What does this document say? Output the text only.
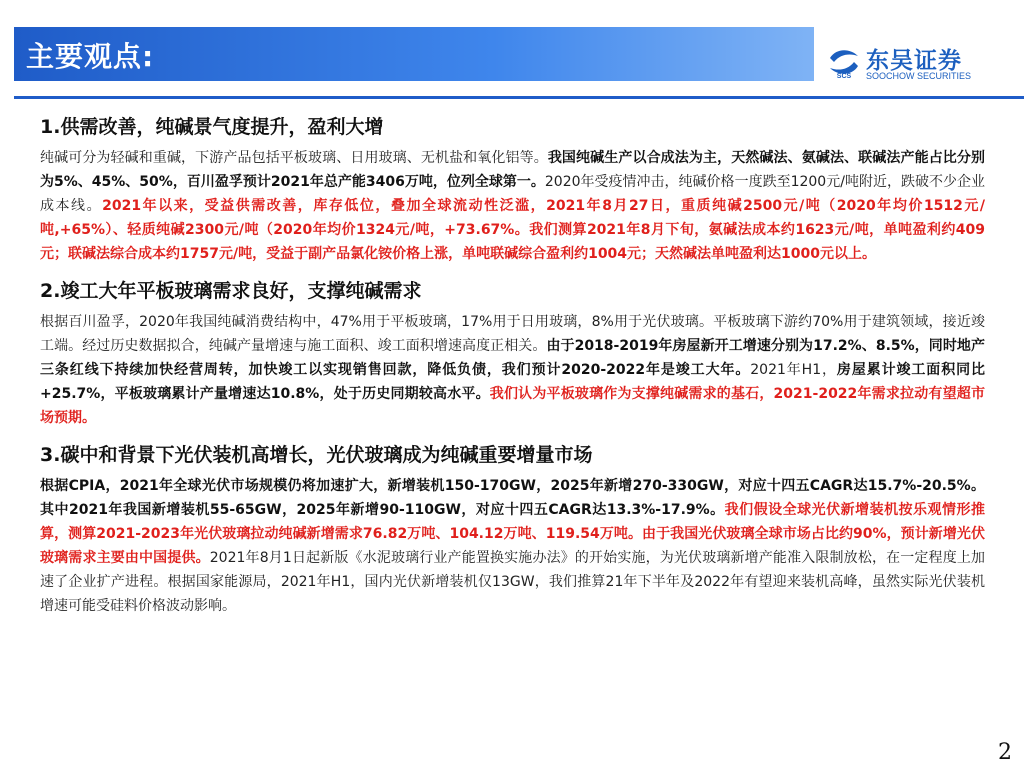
主要观点:
SCS
东吴证券
SOOCHOW SECURITIES
1.供需改善，纯碱景气度提升，盈利大增
纯碱可分为轻碱和重碱，下游产品包括平板玻璃、日用玻璃、无机盐和氧化铝等。我国纯碱生产以合成法为主，天然碱法、氨碱法、联碱法产能占比分别为5%、45%、50%，百川盈孚预计2021年总产能3406万吨，位列全球第一。2020年受疫情冲击，纯碱价格一度跌至1200元/吨附近，跌破不少企业成本线。2021年以来，受益供需改善，库存低位，叠加全球流动性泛滥，2021年8月27日，重质纯碱2500元/吨（2020年均价1512元/吨,+65%）、轻质纯碱2300元/吨（2020年均价1324元/吨，+73.67%。我们测算2021年8月下旬，氨碱法成本约1623元/吨，单吨盈利约409元；联碱法综合成本约1757元/吨，受益于副产品氯化铵价格上涨，单吨联碱综合盈利约1004元；天然碱法单吨盈利达1000元以上。
2.竣工大年平板玻璃需求良好，支撑纯碱需求
根据百川盈孚，2020年我国纯碱消费结构中，47%用于平板玻璃，17%用于日用玻璃，8%用于光伏玻璃。平板玻璃下游约70%用于建筑领域，接近竣工端。经过历史数据拟合，纯碱产量增速与施工面积、竣工面积增速高度正相关。由于2018-2019年房屋新开工增速分别为17.2%、8.5%，同时地产三条红线下持续加快经营周转，加快竣工以实现销售回款，降低负债，我们预计2020-2022年是竣工大年。2021年H1，房屋累计竣工面积同比+25.7%，平板玻璃累计产量增速达10.8%，处于历史同期较高水平。我们认为平板玻璃作为支撑纯碱需求的基石，2021-2022年需求拉动有望超市场预期。
3.碳中和背景下光伏装机高增长，光伏玻璃成为纯碱重要增量市场
根据CPIA，2021年全球光伏市场规模仍将加速扩大，新增装机150-170GW，2025年新增270-330GW，对应十四五CAGR达15.7%-20.5%。其中2021年我国新增装机55-65GW，2025年新增90-110GW，对应十四五CAGR达13.3%-17.9%。我们假设全球光伏新增装机按乐观情形推算，测算2021-2023年光伏玻璃拉动纯碱新增需求76.82万吨、104.12万吨、119.54万吨。由于我国光伏玻璃全球市场占比约90%，预计新增光伏玻璃需求主要由中国提供。2021年8月1日起新版《水泥玻璃行业产能置换实施办法》的开始实施，为光伏玻璃新增产能准入限制放松，在一定程度上加速了企业扩产进程。根据国家能源局，2021年H1，国内光伏新增装机仅13GW，我们推算21年下半年及2022年有望迎来装机高峰，虽然实际光伏装机增速可能受硅料价格波动影响。
2
